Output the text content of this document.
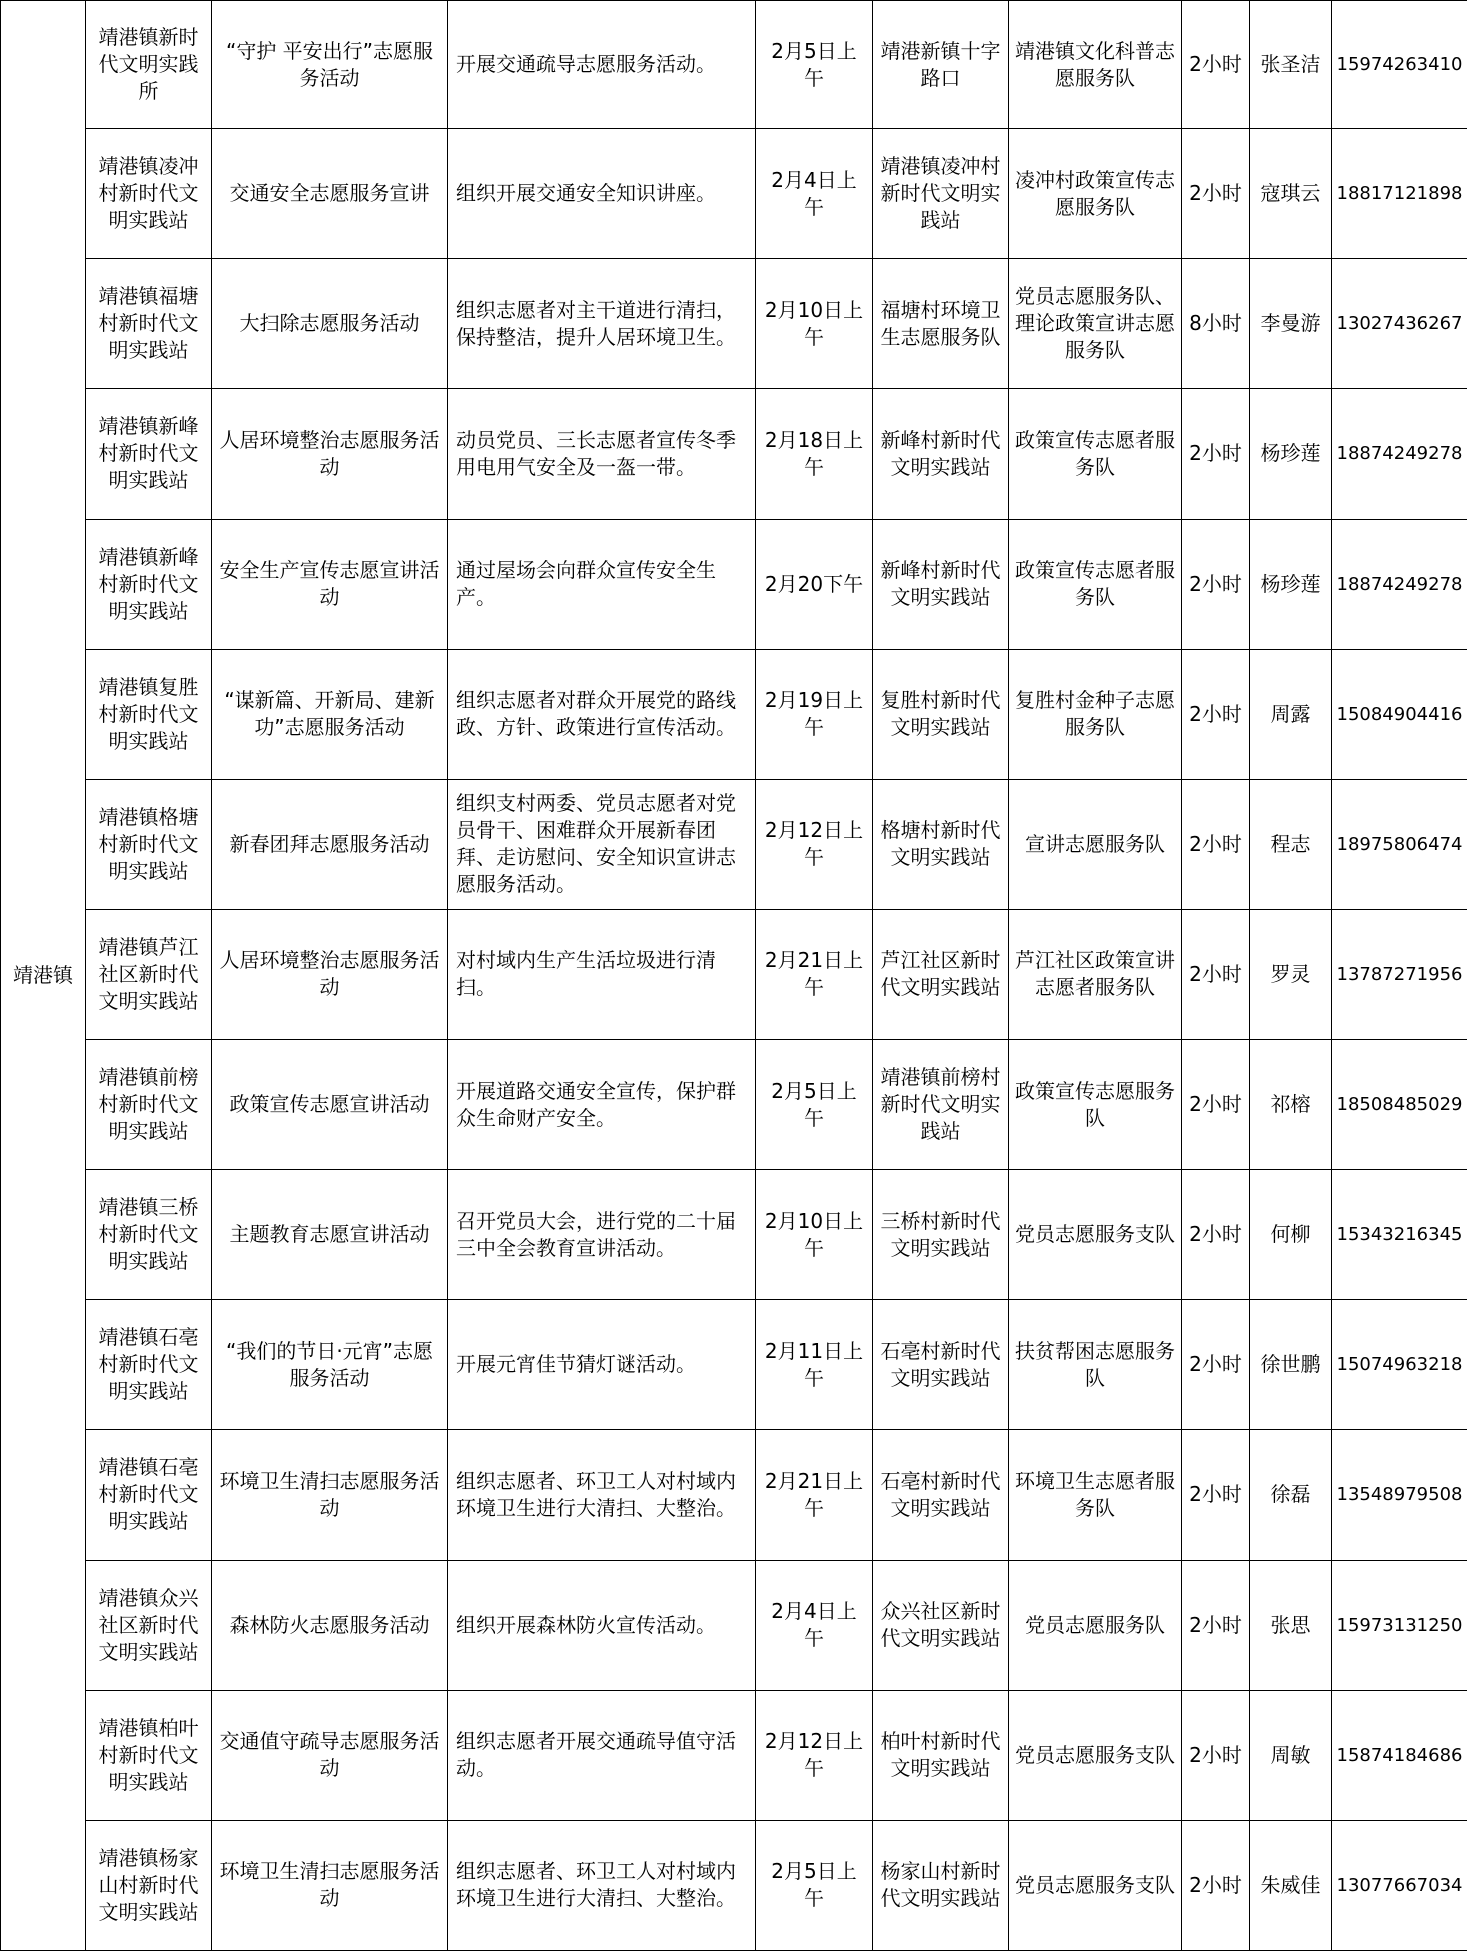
靖港镇	靖港镇新时代文明实践所	“守护 平安出行”志愿服务活动	开展交通疏导志愿服务活动。	2月5日上午	靖港新镇十字路口	靖港镇文化科普志愿服务队	2小时	张圣洁	15974263410
	靖港镇凌冲村新时代文明实践站	交通安全志愿服务宣讲	组织开展交通安全知识讲座。	2月4日上午	靖港镇凌冲村新时代文明实践站	凌冲村政策宣传志愿服务队	2小时	寇琪云	18817121898
	靖港镇福塘村新时代文明实践站	大扫除志愿服务活动	组织志愿者对主干道进行清扫，保持整洁，提升人居环境卫生。	2月10日上午	福塘村环境卫生志愿服务队	党员志愿服务队、理论政策宣讲志愿服务队	8小时	李曼游	13027436267
	靖港镇新峰村新时代文明实践站	人居环境整治志愿服务活动	动员党员、三长志愿者宣传冬季用电用气安全及一盔一带。	2月18日上午	新峰村新时代文明实践站	政策宣传志愿者服务队	2小时	杨珍莲	18874249278
	靖港镇新峰村新时代文明实践站	安全生产宣传志愿宣讲活动	通过屋场会向群众宣传安全生产。	2月20下午	新峰村新时代文明实践站	政策宣传志愿者服务队	2小时	杨珍莲	18874249278
	靖港镇复胜村新时代文明实践站	“谋新篇、开新局、建新功”志愿服务活动	组织志愿者对群众开展党的路线政、方针、政策进行宣传活动。	2月19日上午	复胜村新时代文明实践站	复胜村金种子志愿服务队	2小时	周露	15084904416
	靖港镇格塘村新时代文明实践站	新春团拜志愿服务活动	组织支村两委、党员志愿者对党员骨干、困难群众开展新春团拜、走访慰问、安全知识宣讲志愿服务活动。	2月12日上午	格塘村新时代文明实践站	宣讲志愿服务队	2小时	程志	18975806474
	靖港镇芦江社区新时代文明实践站	人居环境整治志愿服务活动	对村域内生产生活垃圾进行清扫。	2月21日上午	芦江社区新时代文明实践站	芦江社区政策宣讲志愿者服务队	2小时	罗灵	13787271956
	靖港镇前榜村新时代文明实践站	政策宣传志愿宣讲活动	开展道路交通安全宣传，保护群众生命财产安全。	2月5日上午	靖港镇前榜村新时代文明实践站	政策宣传志愿服务队	2小时	祁榕	18508485029
	靖港镇三桥村新时代文明实践站	主题教育志愿宣讲活动	召开党员大会，进行党的二十届三中全会教育宣讲活动。	2月10日上午	三桥村新时代文明实践站	党员志愿服务支队	2小时	何柳	15343216345
	靖港镇石亳村新时代文明实践站	“我们的节日·元宵”志愿服务活动	开展元宵佳节猜灯谜活动。	2月11日上午	石亳村新时代文明实践站	扶贫帮困志愿服务队	2小时	徐世鹏	15074963218
	靖港镇石亳村新时代文明实践站	环境卫生清扫志愿服务活动	组织志愿者、环卫工人对村域内环境卫生进行大清扫、大整治。	2月21日上午	石亳村新时代文明实践站	环境卫生志愿者服务队	2小时	徐磊	13548979508
	靖港镇众兴社区新时代文明实践站	森林防火志愿服务活动	组织开展森林防火宣传活动。	2月4日上午	众兴社区新时代文明实践站	党员志愿服务队	2小时	张思	15973131250
	靖港镇柏叶村新时代文明实践站	交通值守疏导志愿服务活动	组织志愿者开展交通疏导值守活动。	2月12日上午	柏叶村新时代文明实践站	党员志愿服务支队	2小时	周敏	15874184686
	靖港镇杨家山村新时代文明实践站	环境卫生清扫志愿服务活动	组织志愿者、环卫工人对村域内环境卫生进行大清扫、大整治。	2月5日上午	杨家山村新时代文明实践站	党员志愿服务支队	2小时	朱威佳	13077667034
